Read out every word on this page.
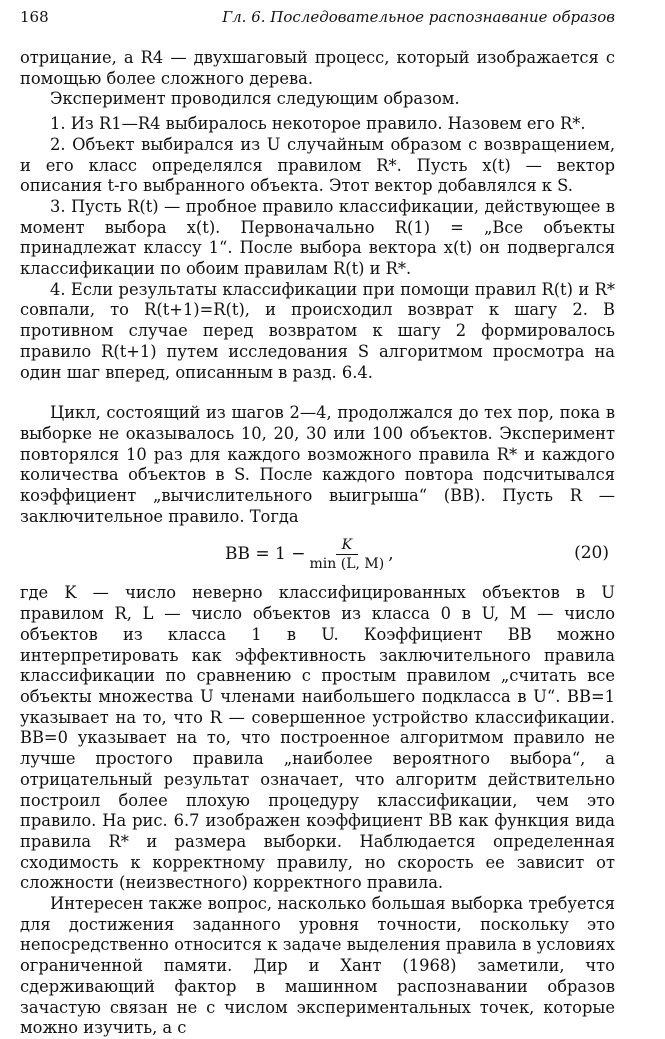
168	Гл. 6. Последовательное распознавание образов

отрицание, а R4 — двухшаговый процесс, который изображается с помощью более сложного дерева.

Эксперимент проводился следующим образом.

1. Из R1—R4 выбиралось некоторое правило. Назовем его R*.

2. Объект выбирался из U случайным образом с возвращением, и его класс определялся правилом R*. Пусть x(t) — вектор описания t-го выбранного объекта. Этот вектор добавлялся к S.

3. Пусть R(t) — пробное правило классификации, действующее в момент выбора x(t). Первоначально R(1) = „Все объекты принадлежат классу 1“. После выбора вектора x(t) он подвергался классификации по обоим правилам R(t) и R*.

4. Если результаты классификации при помощи правил R(t) и R* совпали, то R(t+1)=R(t), и происходил возврат к шагу 2. В противном случае перед возвратом к шагу 2 формировалось правило R(t+1) путем исследования S алгоритмом просмотра на один шаг вперед, описанным в разд. 6.4.

Цикл, состоящий из шагов 2—4, продолжался до тех пор, пока в выборке не оказывалось 10, 20, 30 или 100 объектов. Эксперимент повторялся 10 раз для каждого возможного правила R* и каждого количества объектов в S. После каждого повтора подсчитывался коэффициент „вычислительного выигрыша“ (ВВ). Пусть R — заключительное правило. Тогда

ВВ = $1 - \frac{K}{\min (L, M)}$ ,	(20)

где K — число неверно классифицированных объектов в U правилом R, L — число объектов из класса 0 в U, M — число объектов из класса 1 в U. Коэффициент ВВ можно интерпретировать как эффективность заключительного правила классификации по сравнению с простым правилом „считать все объекты множества U членами наибольшего подкласса в U“. ВВ=1 указывает на то, что R — совершенное устройство классификации. ВВ=0 указывает на то, что построенное алгоритмом правило не лучше простого правила „наиболее вероятного выбора“, а отрицательный результат означает, что алгоритм действительно построил более плохую процедуру классификации, чем это правило. На рис. 6.7 изображен коэффициент ВВ как функция вида правила R* и размера выборки. Наблюдается определенная сходимость к корректному правилу, но скорость ее зависит от сложности (неизвестного) корректного правила.

Интересен также вопрос, насколько большая выборка требуется для достижения заданного уровня точности, поскольку это непосредственно относится к задаче выделения правила в условиях ограниченной памяти. Дир и Хант (1968) заметили, что сдерживающий фактор в машинном распознавании образов зачастую связан не с числом экспериментальных точек, которые можно изучить, а с
